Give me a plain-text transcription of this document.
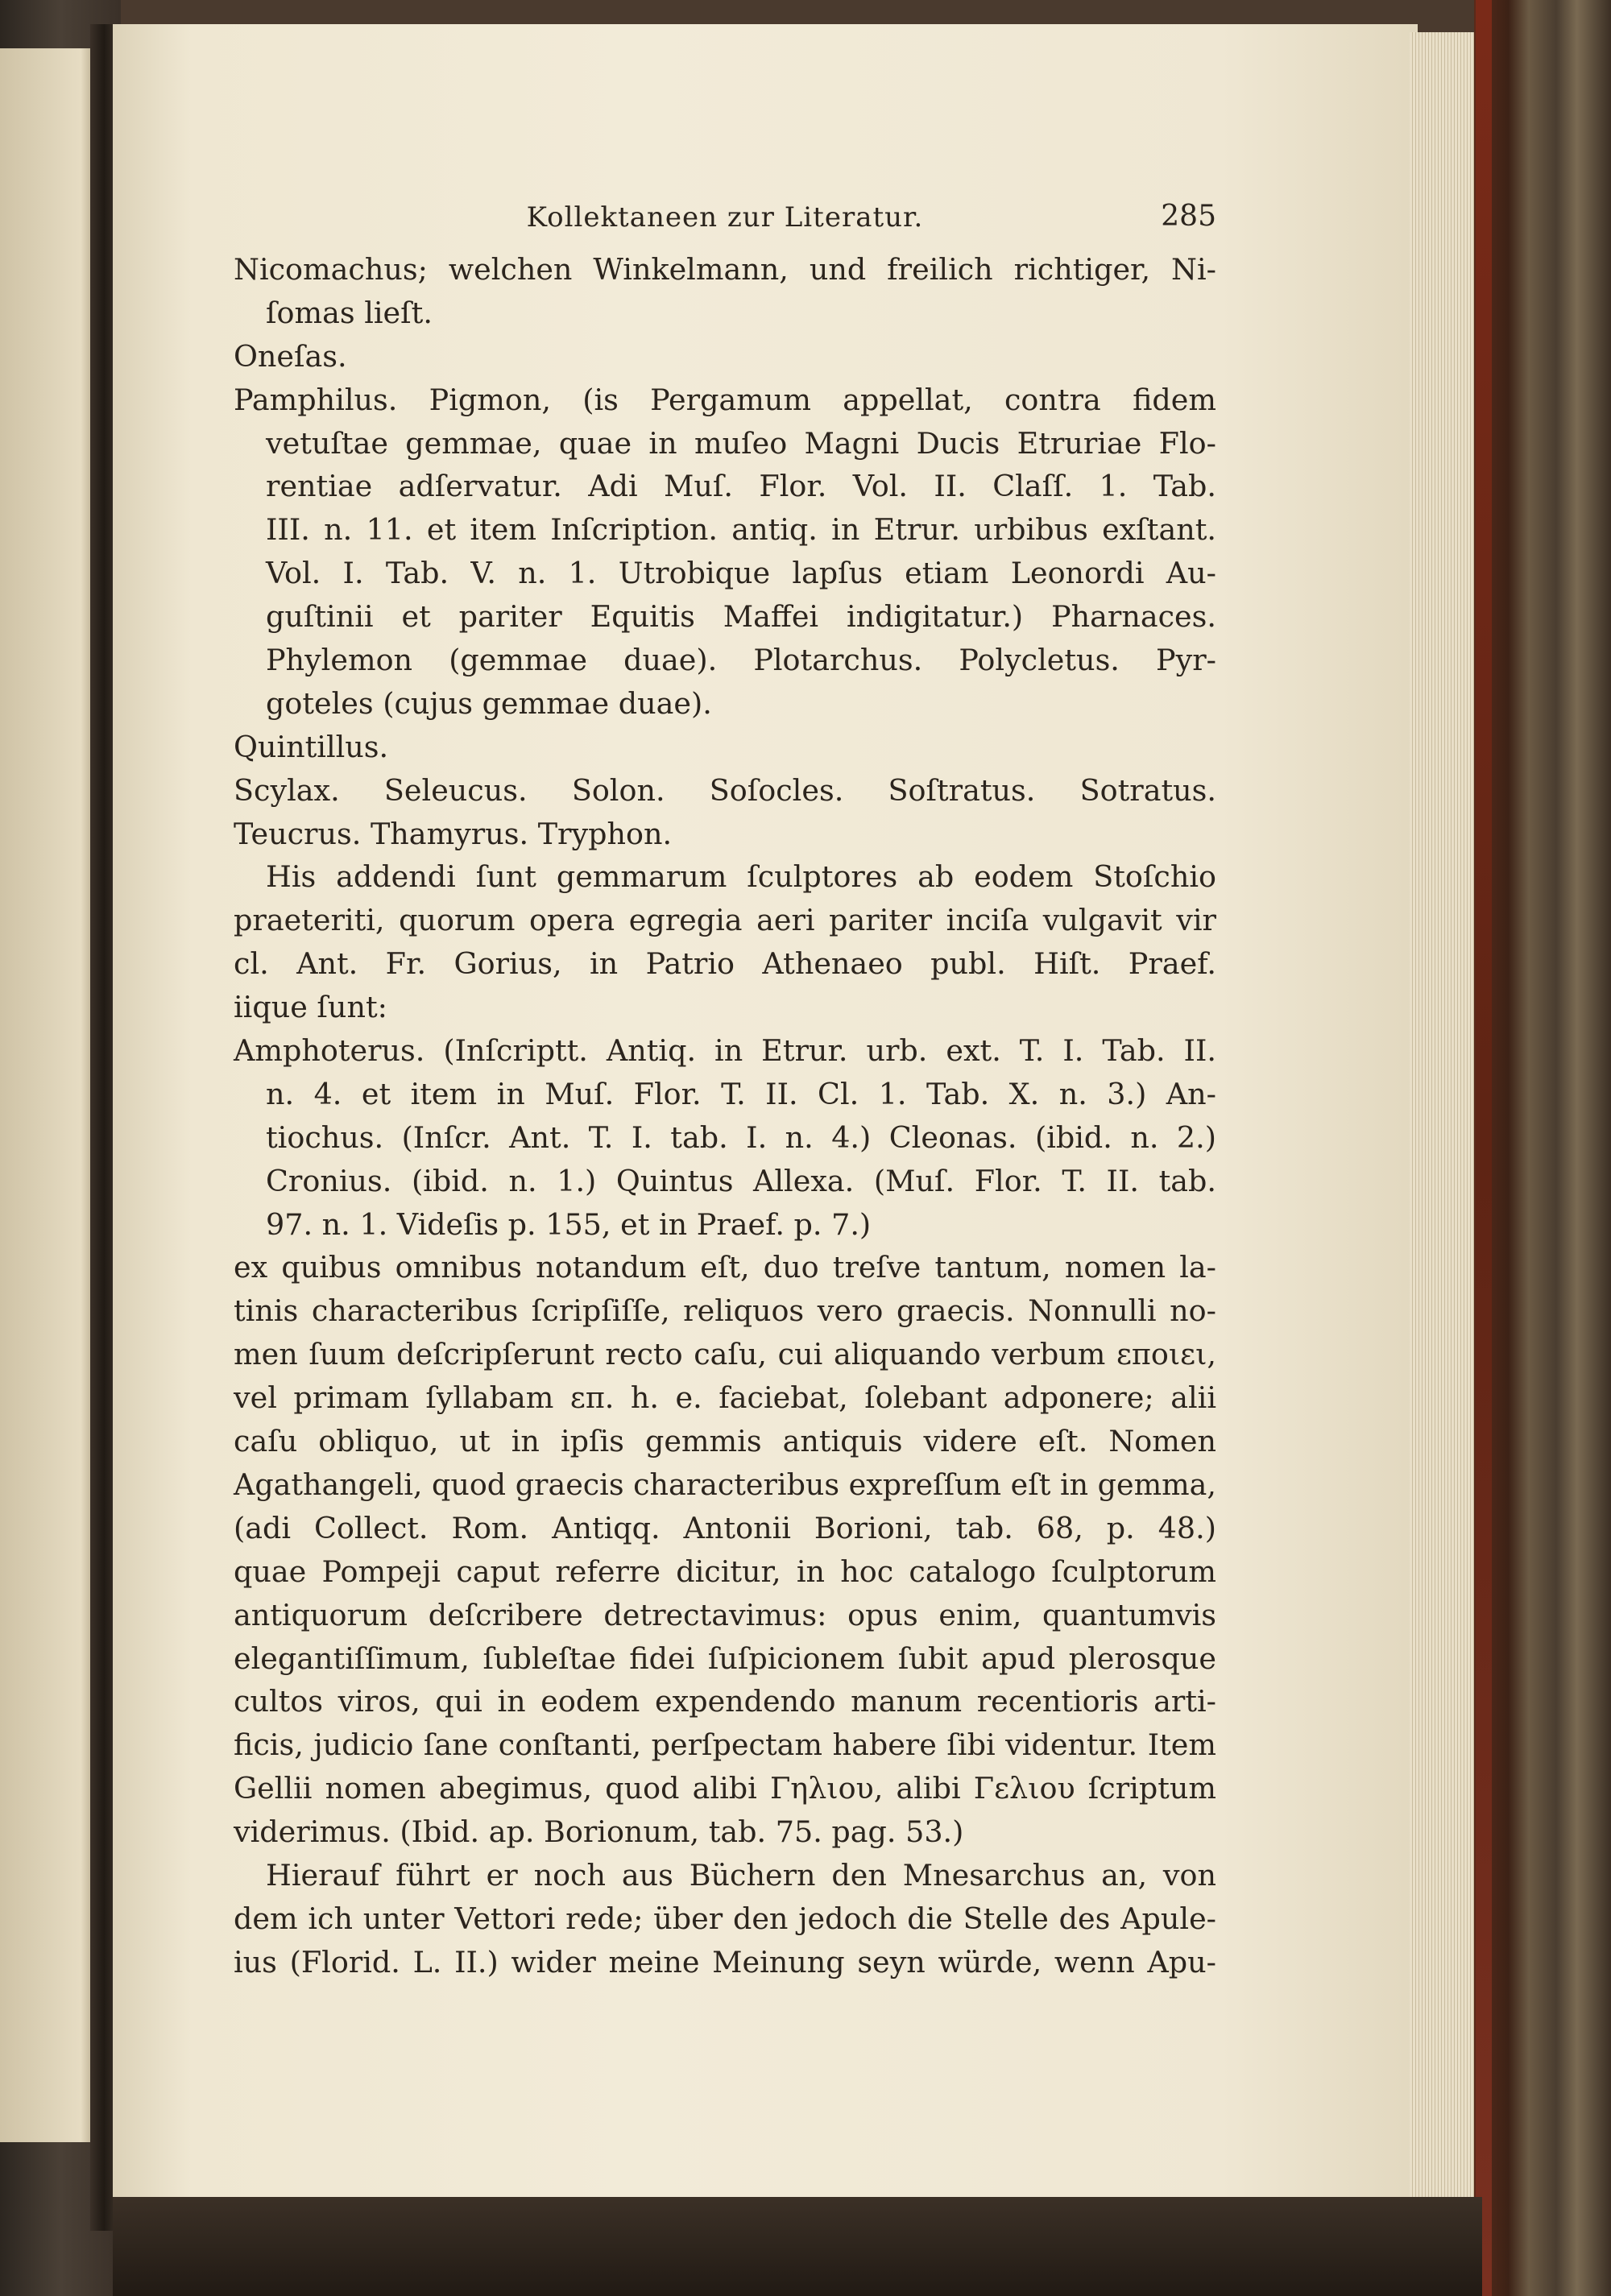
Kollektaneen zur Literatur.	285
Nicomachus; welchen Winkelmann, und freilich richtiger, Ni-
ſomas lieſt.
Oneſas.
Pamphilus. Pigmon, (is Pergamum appellat, contra fidem
vetuſtae gemmae, quae in muſeo Magni Ducis Etruriae Flo-
rentiae adſervatur. Adi Muſ. Flor. Vol. II. Claſſ. 1. Tab.
III. n. 11. et item Inſcription. antiq. in Etrur. urbibus exſtant.
Vol. I. Tab. V. n. 1. Utrobique lapſus etiam Leonordi Au-
guſtinii et pariter Equitis Maffei indigitatur.) Pharnaces.
Phylemon (gemmae duae). Plotarchus. Polycletus. Pyr-
goteles (cujus gemmae duae).
Quintillus.
Scylax. Seleucus. Solon. Soſocles. Soſtratus. Sotratus.
Teucrus. Thamyrus. Tryphon.
His addendi ſunt gemmarum ſculptores ab eodem Stoſchio
praeteriti, quorum opera egregia aeri pariter inciſa vulgavit vir
cl. Ant. Fr. Gorius, in Patrio Athenaeo publ. Hiſt. Praef.
iique ſunt:
Amphoterus. (Inſcriptt. Antiq. in Etrur. urb. ext. T. I. Tab. II.
n. 4. et item in Muſ. Flor. T. II. Cl. 1. Tab. X. n. 3.) An-
tiochus. (Inſcr. Ant. T. I. tab. I. n. 4.) Cleonas. (ibid. n. 2.)
Cronius. (ibid. n. 1.) Quintus Allexa. (Muſ. Flor. T. II. tab.
97. n. 1. Videſis p. 155, et in Praef. p. 7.)
ex quibus omnibus notandum eſt, duo treſve tantum, nomen la-
tinis characteribus ſcripſiſſe, reliquos vero graecis. Nonnulli no-
men ſuum deſcripſerunt recto caſu, cui aliquando verbum εποιει,
vel primam ſyllabam επ. h. e. faciebat, ſolebant adponere; alii
caſu obliquo, ut in ipſis gemmis antiquis videre eſt. Nomen
Agathangeli, quod graecis characteribus expreſſum eſt in gemma,
(adi Collect. Rom. Antiqq. Antonii Borioni, tab. 68, p. 48.)
quae Pompeji caput referre dicitur, in hoc catalogo ſculptorum
antiquorum deſcribere detrectavimus: opus enim, quantumvis
elegantiſſimum, ſubleſtae fidei ſuſpicionem ſubit apud plerosque
cultos viros, qui in eodem expendendo manum recentioris arti-
ficis, judicio ſane conſtanti, perſpectam habere ſibi videntur. Item
Gellii nomen abegimus, quod alibi Γηλιου, alibi Γελιου ſcriptum
viderimus. (Ibid. ap. Borionum, tab. 75. pag. 53.)
Hierauf führt er noch aus Büchern den Mnesarchus an, von
dem ich unter Vettori rede; über den jedoch die Stelle des Apule-
ius (Florid. L. II.) wider meine Meinung seyn würde, wenn Apu-
